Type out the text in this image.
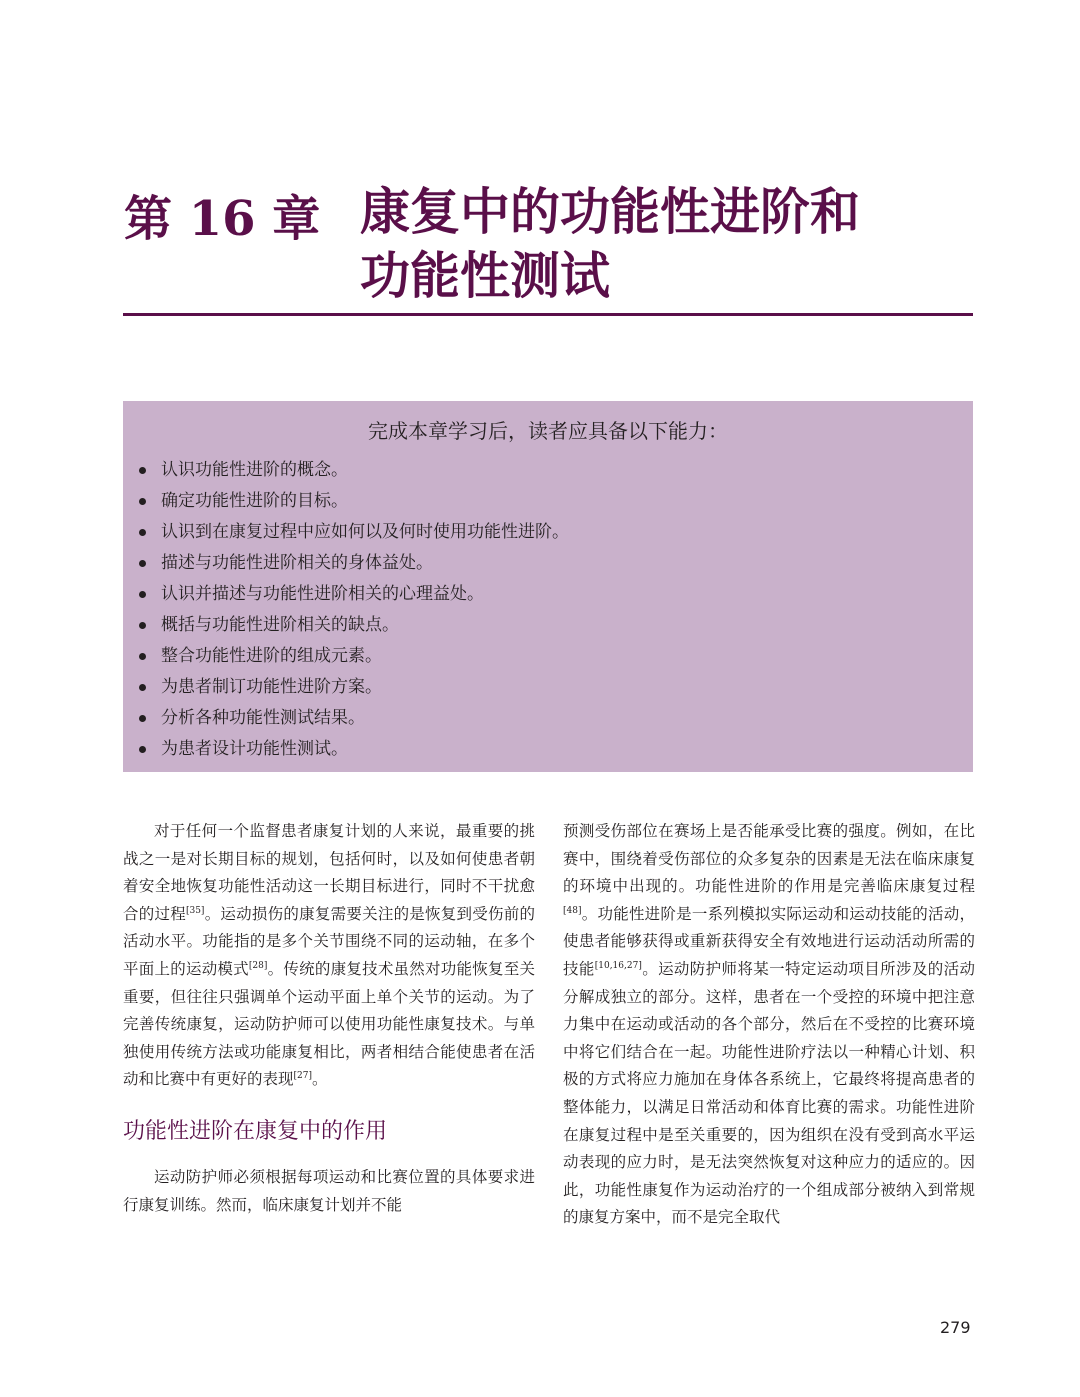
第 16 章 康复中的功能性进阶和
功能性测试
完成本章学习后，读者应具备以下能力：
认识功能性进阶的概念。
确定功能性进阶的目标。
认识到在康复过程中应如何以及何时使用功能性进阶。
描述与功能性进阶相关的身体益处。
认识并描述与功能性进阶相关的心理益处。
概括与功能性进阶相关的缺点。
整合功能性进阶的组成元素。
为患者制订功能性进阶方案。
分析各种功能性测试结果。
为患者设计功能性测试。

对于任何一个监督患者康复计划的人来说，最重要的挑战之一是对长期目标的规划，包括何时，以及如何使患者朝着安全地恢复功能性活动这一长期目标进行，同时不干扰愈合的过程[35]。运动损伤的康复需要关注的是恢复到受伤前的活动水平。功能指的是多个关节围绕不同的运动轴，在多个平面上的运动模式[28]。传统的康复技术虽然对功能恢复至关重要，但往往只强调单个运动平面上单个关节的运动。为了完善传统康复，运动防护师可以使用功能性康复技术。与单独使用传统方法或功能康复相比，两者相结合能使患者在活动和比赛中有更好的表现[27]。

功能性进阶在康复中的作用

运动防护师必须根据每项运动和比赛位置的具体要求进行康复训练。然而，临床康复计划并不能

预测受伤部位在赛场上是否能承受比赛的强度。例如，在比赛中，围绕着受伤部位的众多复杂的因素是无法在临床康复的环境中出现的。功能性进阶的作用是完善临床康复过程[48]。功能性进阶是一系列模拟实际运动和运动技能的活动，使患者能够获得或重新获得安全有效地进行运动活动所需的技能[10,16,27]。运动防护师将某一特定运动项目所涉及的活动分解成独立的部分。这样，患者在一个受控的环境中把注意力集中在运动或活动的各个部分，然后在不受控的比赛环境中将它们结合在一起。功能性进阶疗法以一种精心计划、积极的方式将应力施加在身体各系统上，它最终将提高患者的整体能力，以满足日常活动和体育比赛的需求。功能性进阶在康复过程中是至关重要的，因为组织在没有受到高水平运动表现的应力时，是无法突然恢复对这种应力的适应的。因此，功能性康复作为运动治疗的一个组成部分被纳入到常规的康复方案中，而不是完全取代

279
